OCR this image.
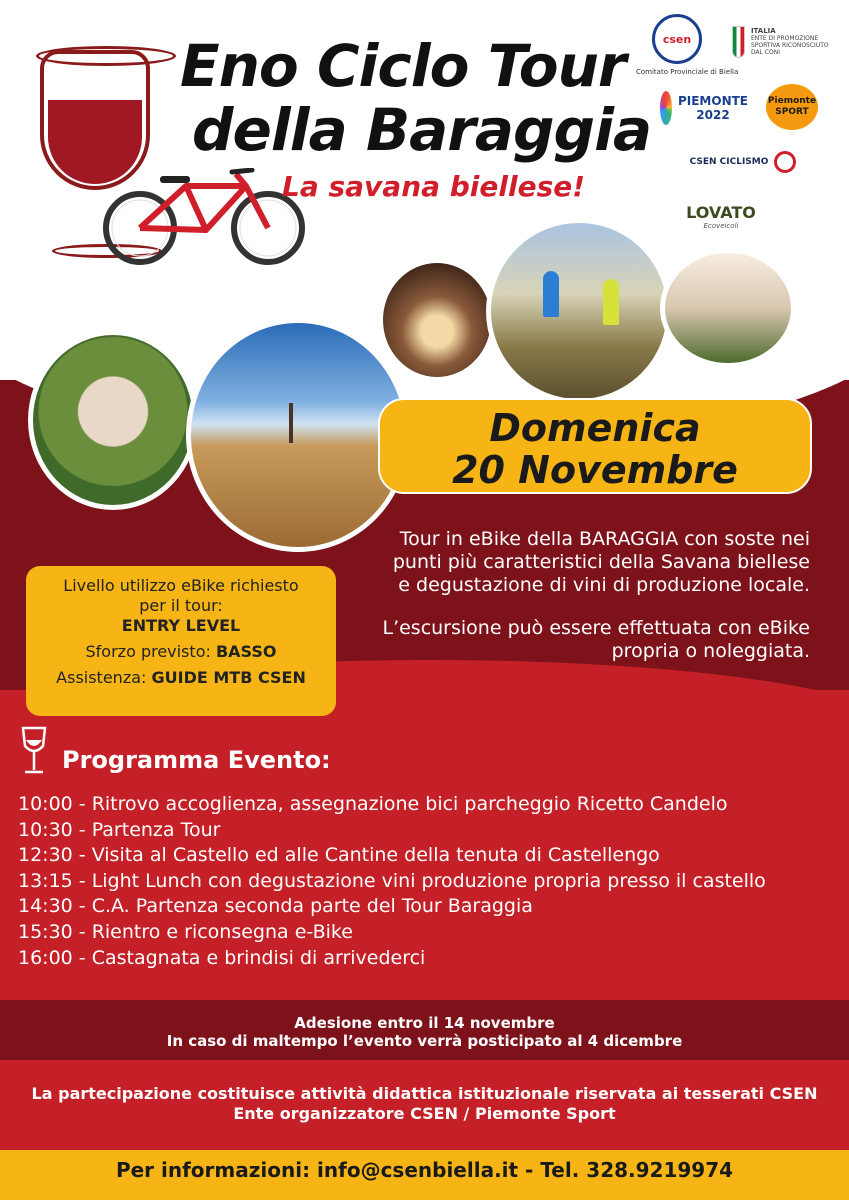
Eno Ciclo Tour
della Baraggia
La savana biellese!
csen
Comitato Provinciale di Biella
ITALIA
ENTE DI PROMOZIONE SPORTIVA RICONOSCIUTO DAL CONI
PIEMONTE 2022
Piemonte SPORT
CSEN CICLISMO
LOVATO
Ecoveicoli
Domenica
20 Novembre

Tour in eBike della BARAGGIA con soste nei punti più caratteristici della Savana biellese e degustazione di vini di produzione locale.

L’escursione può essere effettuata con eBike propria o noleggiata.

Livello utilizzo eBike richiesto per il tour:
ENTRY LEVEL
Sforzo previsto: BASSO
Assistenza: GUIDE MTB CSEN
Programma Evento:
10:00 - Ritrovo accoglienza, assegnazione bici parcheggio Ricetto Candelo
10:30 - Partenza Tour
12:30 - Visita al Castello ed alle Cantine della tenuta di Castellengo
13:15 - Light Lunch con degustazione vini produzione propria presso il castello
14:30 - C.A. Partenza seconda parte del Tour Baraggia
15:30 - Rientro e riconsegna e-Bike
16:00 - Castagnata e brindisi di arrivederci
Adesione entro il 14 novembre
In caso di maltempo l’evento verrà posticipato al 4 dicembre
La partecipazione costituisce attività didattica istituzionale riservata ai tesserati CSEN
Ente organizzatore CSEN / Piemonte Sport
Per informazioni: info@csenbiella.it - Tel. 328.9219974
